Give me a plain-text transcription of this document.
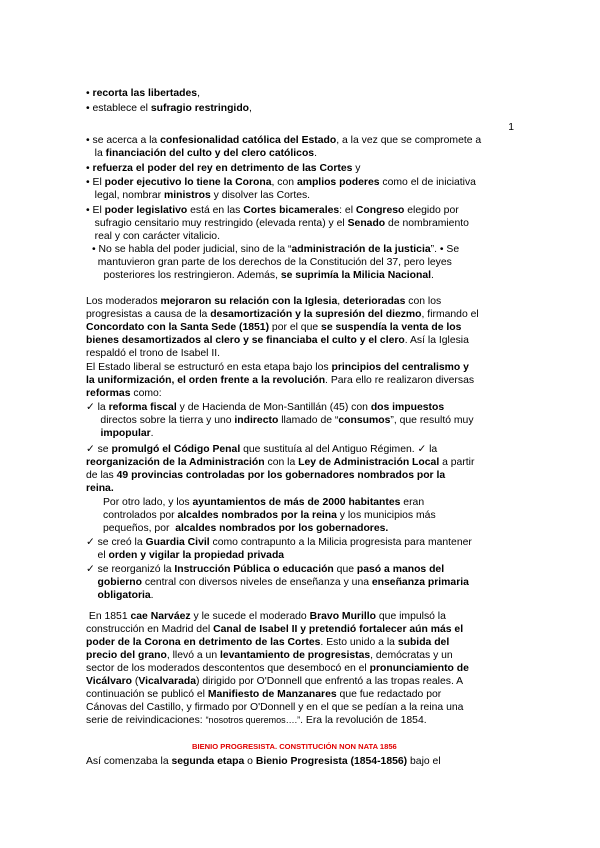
1
• recorta las libertades,
• establece el sufragio restringido,
• se acerca a la confesionalidad católica del Estado, a la vez que se compromete a
la financiación del culto y del clero católicos.
• refuerza el poder del rey en detrimento de las Cortes y
• El poder ejecutivo lo tiene la Corona, con amplios poderes como el de iniciativa
legal, nombrar ministros y disolver las Cortes.
• El poder legislativo está en las Cortes bicamerales: el Congreso elegido por
sufragio censitario muy restringido (elevada renta) y el Senado de nombramiento
real y con carácter vitalicio.
• No se habla del poder judicial, sino de la “administración de la justicia”. • Se
mantuvieron gran parte de los derechos de la Constitución del 37, pero leyes
posteriores los restringieron. Además, se suprimía la Milicia Nacional.
Los moderados mejoraron su relación con la Iglesia, deterioradas con los
progresistas a causa de la desamortización y la supresión del diezmo, firmando el
Concordato con la Santa Sede (1851) por el que se suspendía la venta de los
bienes desamortizados al clero y se financiaba el culto y el clero. Así la Iglesia
respaldó el trono de Isabel II.
El Estado liberal se estructuró en esta etapa bajo los principios del centralismo y
la uniformización, el orden frente a la revolución. Para ello re realizaron diversas
reformas como:
✓ la reforma fiscal y de Hacienda de Mon-Santillán (45) con dos impuestos
directos sobre la tierra y uno indirecto llamado de “consumos”, que resultó muy
impopular.
✓ se promulgó el Código Penal que sustituía al del Antiguo Régimen. ✓ la
reorganización de la Administración con la Ley de Administración Local a partir
de las 49 provincias controladas por los gobernadores nombrados por la
reina.
Por otro lado, y los ayuntamientos de más de 2000 habitantes eran
controlados por alcaldes nombrados por la reina y los municipios más
pequeños, por  alcaldes nombrados por los gobernadores.
✓ se creó la Guardia Civil como contrapunto a la Milicia progresista para mantener
el orden y vigilar la propiedad privada
✓ se reorganizó la Instrucción Pública o educación que pasó a manos del
gobierno central con diversos niveles de enseñanza y una enseñanza primaria
obligatoria.
En 1851 cae Narváez y le sucede el moderado Bravo Murillo que impulsó la
construcción en Madrid del Canal de Isabel II y pretendió fortalecer aún más el
poder de la Corona en detrimento de las Cortes. Esto unido a la subida del
precio del grano, llevó a un levantamiento de progresistas, demócratas y un
sector de los moderados descontentos que desembocó en el pronunciamiento de
Vicálvaro (Vicalvarada) dirigido por O'Donnell que enfrentó a las tropas reales. A
continuación se publicó el Manifiesto de Manzanares que fue redactado por
Cánovas del Castillo, y firmado por O'Donnell y en el que se pedían a la reina una
serie de reivindicaciones: “nosotros queremos….”. Era la revolución de 1854.
BIENIO PROGRESISTA. CONSTITUCIÓN NON NATA 1856
Así comenzaba la segunda etapa o Bienio Progresista (1854-1856) bajo el
